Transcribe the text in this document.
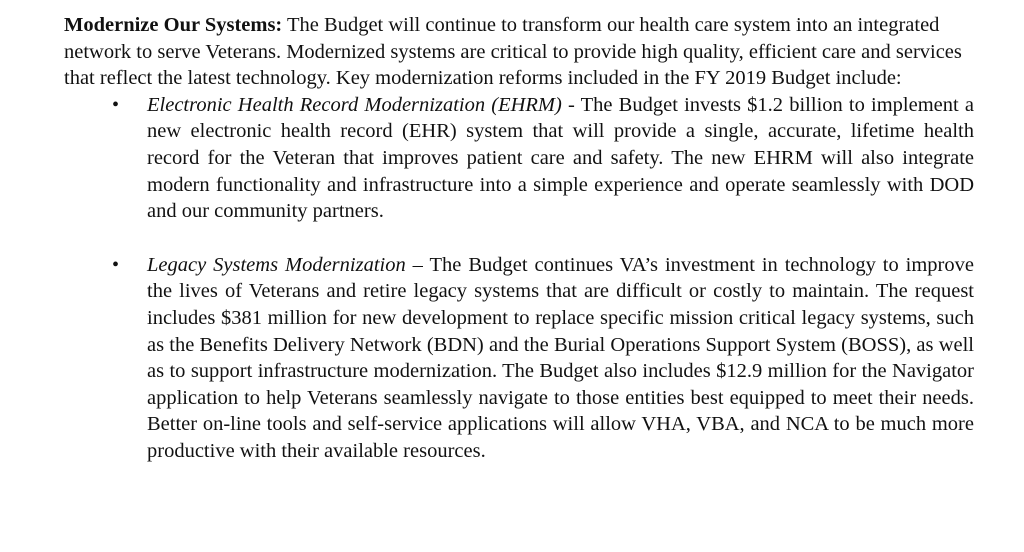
Modernize Our Systems: The Budget will continue to transform our health care system into an integrated network to serve Veterans. Modernized systems are critical to provide high quality, efficient care and services that reflect the latest technology. Key modernization reforms included in the FY 2019 Budget include:

• Electronic Health Record Modernization (EHRM) - The Budget invests $1.2 billion to implement a new electronic health record (EHR) system that will provide a single, accurate, lifetime health record for the Veteran that improves patient care and safety. The new EHRM will also integrate modern functionality and infrastructure into a simple experience and operate seamlessly with DOD and our community partners.
• Legacy Systems Modernization – The Budget continues VA’s investment in technology to improve the lives of Veterans and retire legacy systems that are difficult or costly to maintain. The request includes $381 million for new development to replace specific mission critical legacy systems, such as the Benefits Delivery Network (BDN) and the Burial Operations Support System (BOSS), as well as to support infrastructure modernization. The Budget also includes $12.9 million for the Navigator application to help Veterans seamlessly navigate to those entities best equipped to meet their needs. Better on-line tools and self-service applications will allow VHA, VBA, and NCA to be much more productive with their available resources.
